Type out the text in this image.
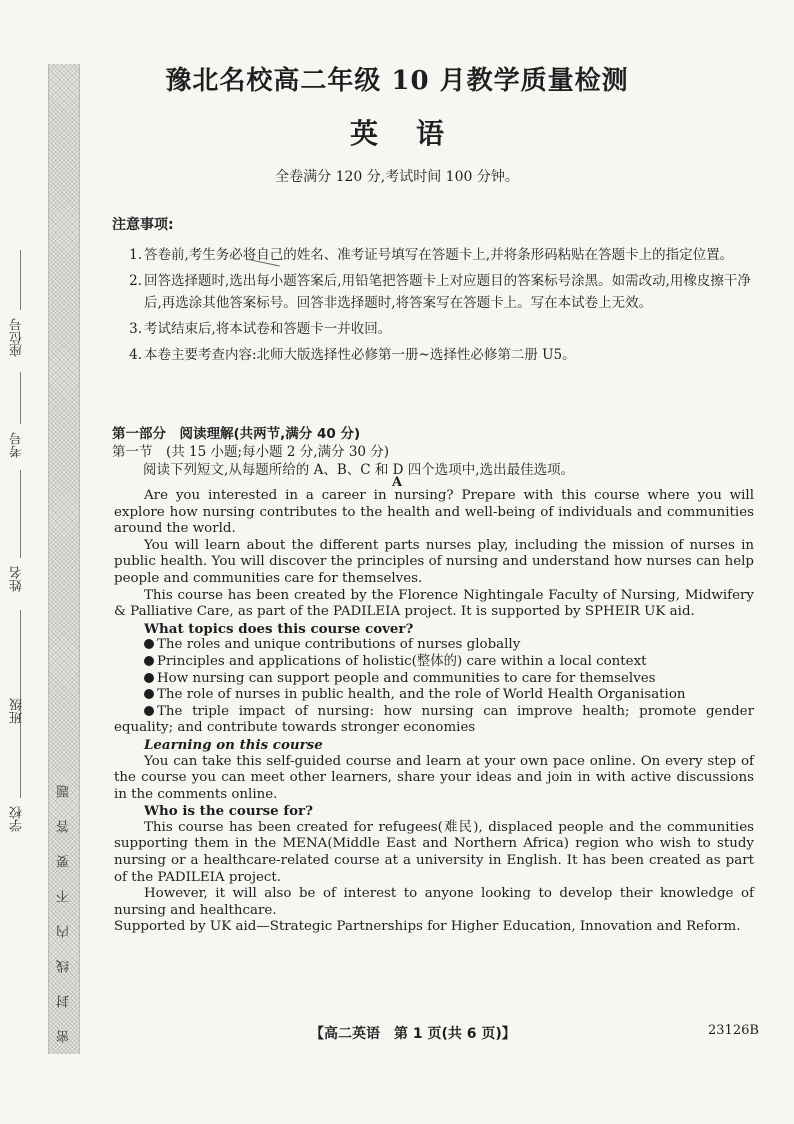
密
封
线
内
不
要
答
题
学校
班级
姓名
考号
座位号
豫北名校高二年级 10 月教学质量检测
英语
全卷满分 120 分,考试时间 100 分钟。
注意事项:
1. 答卷前,考生务必将自己的姓名、准考证号填写在答题卡上,并将条形码粘贴在答题卡上的指定位置。
2. 回答选择题时,选出每小题答案后,用铅笔把答题卡上对应题目的答案标号涂黑。如需改动,用橡皮擦干净后,再选涂其他答案标号。回答非选择题时,将答案写在答题卡上。写在本试卷上无效。
3. 考试结束后,将本试卷和答题卡一并收回。
4. 本卷主要考查内容:北师大版选择性必修第一册~选择性必修第二册 U5。
第一部分　阅读理解(共两节,满分 40 分)
第一节　(共 15 小题;每小题 2 分,满分 30 分)
阅读下列短文,从每题所给的 A、B、C 和 D 四个选项中,选出最佳选项。
A

Are you interested in a career in nursing? Prepare with this course where you will explore how nursing contributes to the health and well-being of individuals and communities around the world.

You will learn about the different parts nurses play, including the mission of nurses in public health. You will discover the principles of nursing and understand how nurses can help people and communities care for themselves.

This course has been created by the Florence Nightingale Faculty of Nursing, Midwifery & Palliative Care, as part of the PADILEIA project. It is supported by SPHEIR UK aid.

What topics does this course cover?

The roles and unique contributions of nurses globally

Principles and applications of holistic(整体的) care within a local context

How nursing can support people and communities to care for themselves

The role of nurses in public health, and the role of World Health Organisation

The triple impact of nursing: how nursing can improve health; promote gender equality; and contribute towards stronger economies

Learning on this course

You can take this self-guided course and learn at your own pace online. On every step of the course you can meet other learners, share your ideas and join in with active discussions in the comments online.

Who is the course for?

This course has been created for refugees(难民), displaced people and the communities supporting them in the MENA(Middle East and Northern Africa) region who wish to study nursing or a healthcare-related course at a university in English. It has been created as part of the PADILEIA project.

However, it will also be of interest to anyone looking to develop their knowledge of nursing and healthcare.

Supported by UK aid—Strategic Partnerships for Higher Education, Innovation and Reform.

【高二英语　第 1 页(共 6 页)】	23126B
